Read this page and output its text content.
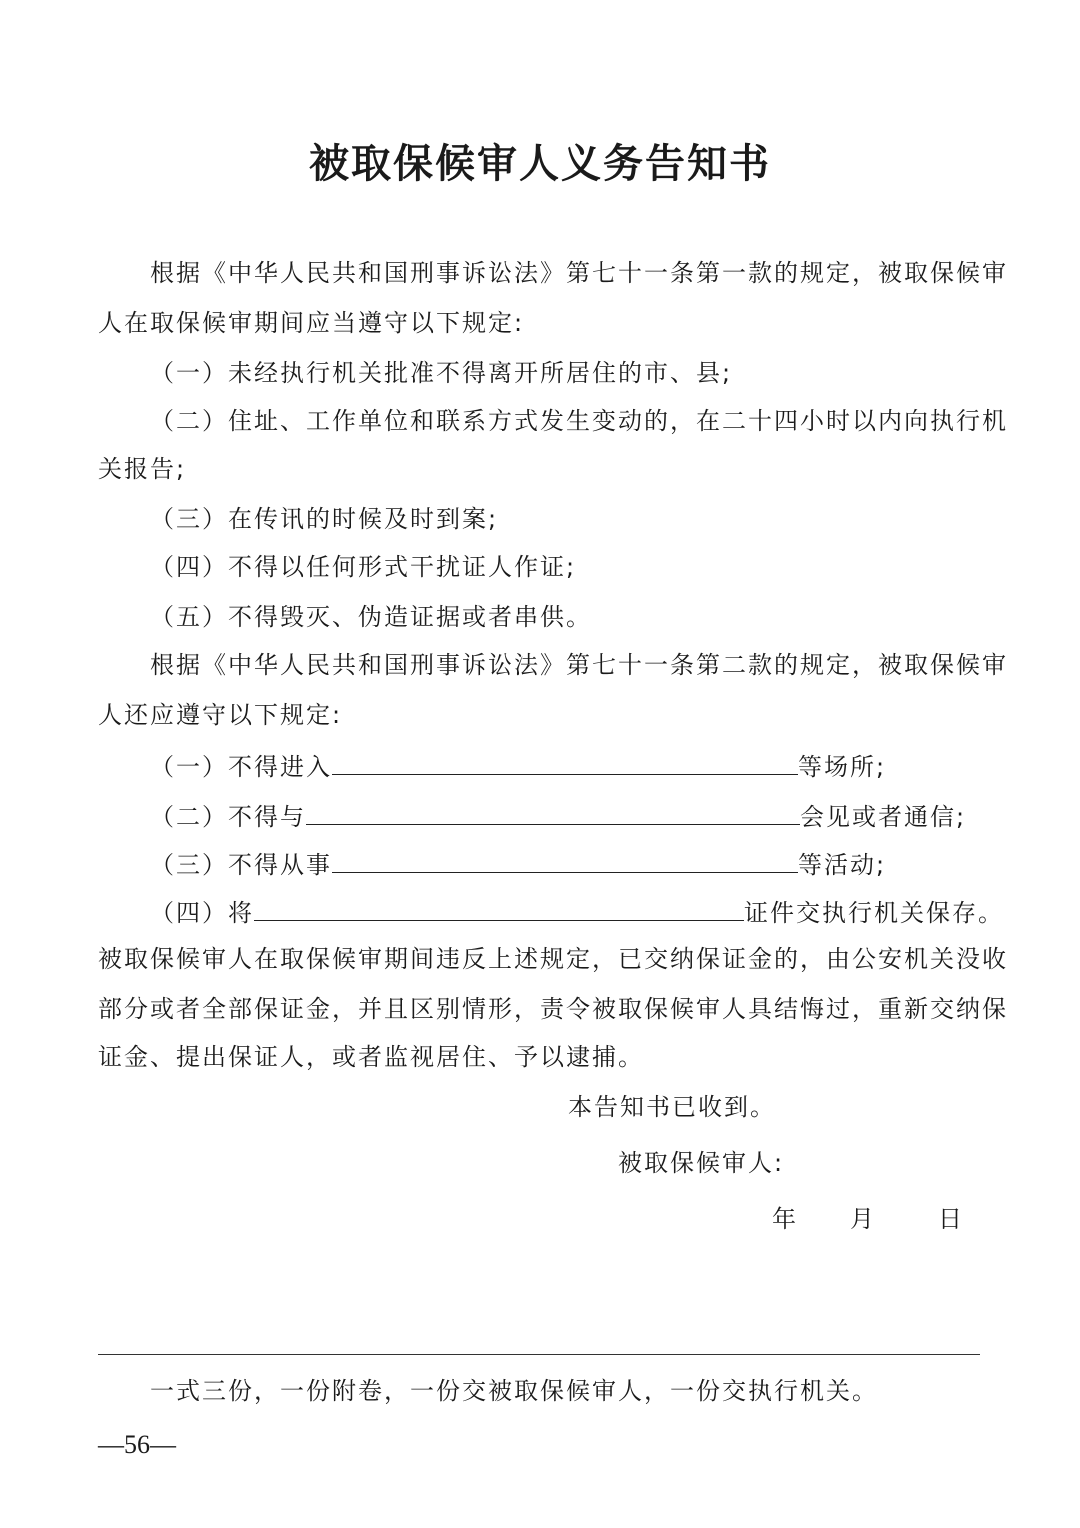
被取保候审人义务告知书
根据《中华人民共和国刑事诉讼法》第七十一条第一款的规定，被取保候审
人在取保候审期间应当遵守以下规定:
（一）未经执行机关批准不得离开所居住的市、县;
（二）住址、工作单位和联系方式发生变动的，在二十四小时以内向执行机
关报告;
（三）在传讯的时候及时到案;
（四）不得以任何形式干扰证人作证;
（五）不得毁灭、伪造证据或者串供。
根据《中华人民共和国刑事诉讼法》第七十一条第二款的规定，被取保候审
人还应遵守以下规定:
（一）不得进入	等场所;
（二）不得与	会见或者通信;
（三）不得从事	等活动;
（四）将	证件交执行机关保存。
被取保候审人在取保候审期间违反上述规定，已交纳保证金的，由公安机关没收
部分或者全部保证金，并且区别情形，责令被取保候审人具结悔过，重新交纳保
证金、提出保证人，或者监视居住、予以逮捕。
本告知书已收到。
被取保候审人:
年 月	日
一式三份，一份附卷，一份交被取保候审人，一份交执行机关。
—56—
